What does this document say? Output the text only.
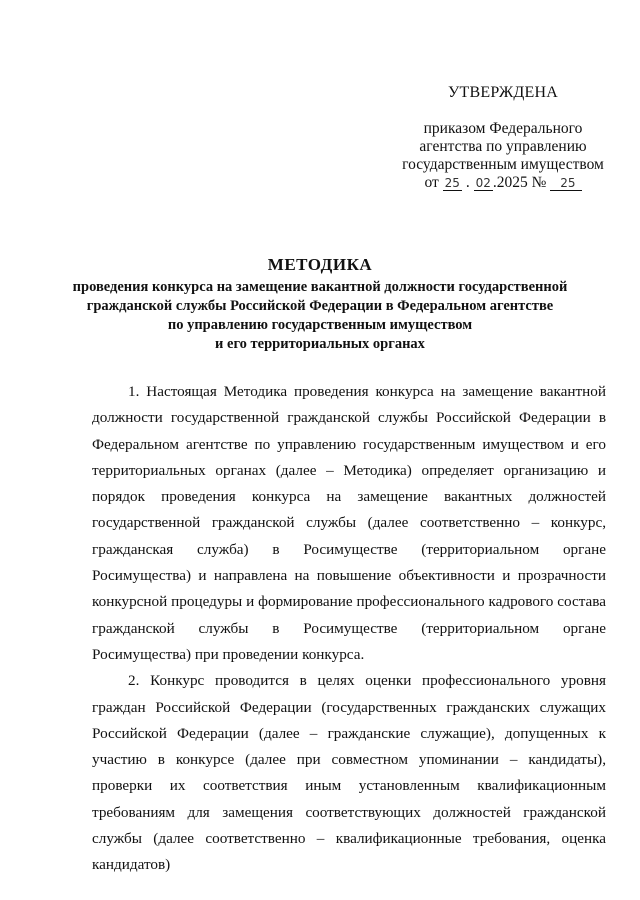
УТВЕРЖДЕНА
приказом Федерального
агентства по управлению
государственным имуществом
от 25 . 02 .2025 № 25
МЕТОДИКА
проведения конкурса на замещение вакантной должности государственной
гражданской службы Российской Федерации в Федеральном агентстве
по управлению государственным имуществом
и его территориальных органах

1. Настоящая Методика проведения конкурса на замещение вакантной должности государственной гражданской службы Российской Федерации в Федеральном агентстве по управлению государственным имуществом и его территориальных органах (далее – Методика) определяет организацию и порядок проведения конкурса на замещение вакантных должностей государственной гражданской службы (далее соответственно – конкурс, гражданская служба) в Росимуществе (территориальном органе Росимущества) и направлена на повышение объективности и прозрачности конкурсной процедуры и формирование профессионального кадрового состава гражданской службы в Росимуществе (территориальном органе Росимущества) при проведении конкурса.

2. Конкурс проводится в целях оценки профессионального уровня граждан Российской Федерации (государственных гражданских служащих Российской Федерации (далее – гражданские служащие), допущенных к участию в конкурсе (далее при совместном упоминании – кандидаты), проверки их соответствия иным установленным квалификационным требованиям для замещения соответствующих должностей гражданской службы (далее соответственно – квалификационные требования, оценка кандидатов)
